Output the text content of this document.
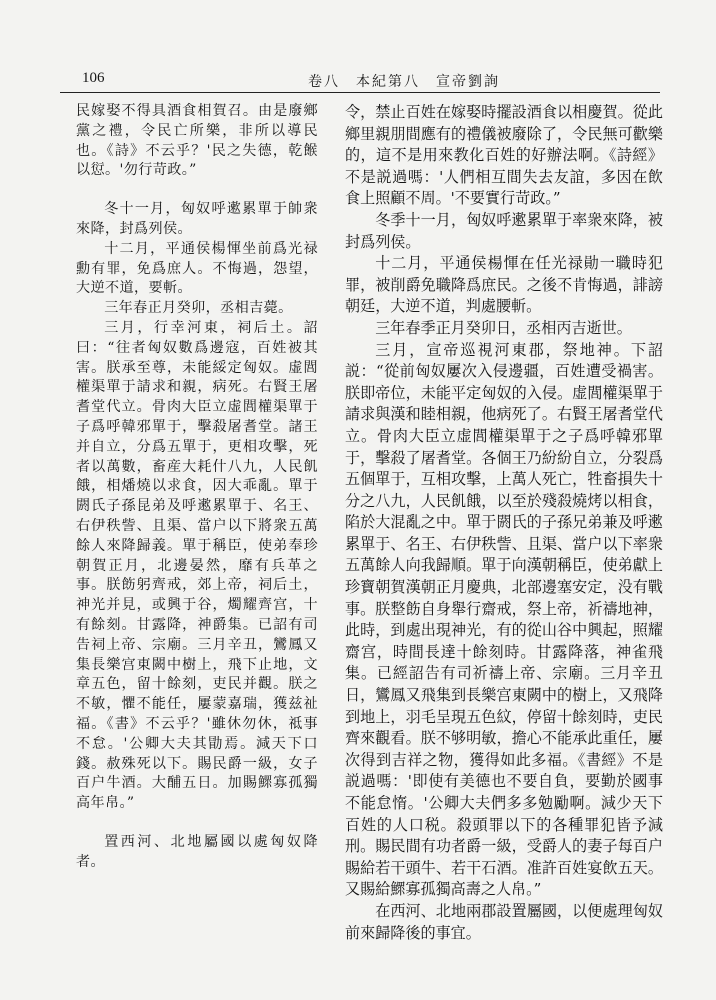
106	卷八　本紀第八　宣帝劉詢

民嫁娶不得具酒食相賀召。由是廢鄉黨之禮，令民亡所樂，非所以導民也。《詩》不云乎？'民之失德，乾餱以愆。'勿行苛政。”

冬十一月，匈奴呼遬累單于帥衆來降，封爲列侯。

十二月，平通侯楊惲坐前爲光禄勳有罪，免爲庶人。不悔過，怨望，大逆不道，要斬。

三年春正月癸卯，丞相吉薨。

三月，行幸河東，祠后土。詔曰：“往者匈奴數爲邊寇，百姓被其害。朕承至尊，未能綏定匈奴。虚閭權渠單于請求和親，病死。右賢王屠耆堂代立。骨肉大臣立虚閭權渠單于子爲呼韓邪單于，擊殺屠耆堂。諸王并自立，分爲五單于，更相攻擊，死者以萬數，畜産大耗什八九，人民飢餓，相燔燒以求食，因大乖亂。單于閼氏子孫昆弟及呼遬累單于、名王、右伊秩訾、且渠、當户以下將衆五萬餘人來降歸義。單于稱臣，使弟奉珍朝賀正月，北邊晏然，靡有兵革之事。朕飭躬齊戒，郊上帝，祠后土，神光并見，或興于谷，燭耀齊宫，十有餘刻。甘露降，神爵集。已詔有司告祠上帝、宗廟。三月辛丑，鸞鳳又集長樂宫東闕中樹上，飛下止地，文章五色，留十餘刻，吏民并觀。朕之不敏，懼不能任，屢蒙嘉瑞，獲兹祉福。《書》不云乎？'雖休勿休，祗事不怠。'公卿大夫其勖焉。減天下口錢。赦殊死以下。賜民爵一級，女子百户牛酒。大酺五日。加賜鰥寡孤獨高年帛。”

置西河、北地屬國以處匈奴降者。

令，禁止百姓在嫁娶時擺設酒食以相慶賀。從此鄉里親朋間應有的禮儀被廢除了，令民無可歡樂的，這不是用來教化百姓的好辦法啊。《詩經》不是説過嗎：'人們相互間失去友誼，多因在飲食上照顧不周。'不要實行苛政。”

冬季十一月，匈奴呼遬累單于率衆來降，被封爲列侯。

十二月，平通侯楊惲在任光禄勛一職時犯罪，被削爵免職降爲庶民。之後不肯悔過，誹謗朝廷，大逆不道，判處腰斬。

三年春季正月癸卯日，丞相丙吉逝世。

三月，宣帝巡視河東郡，祭地神。下詔説：“從前匈奴屢次入侵邊疆，百姓遭受禍害。朕即帝位，未能平定匈奴的入侵。虚閭權渠單于請求與漢和睦相親，他病死了。右賢王屠耆堂代立。骨肉大臣立虚閭權渠單于之子爲呼韓邪單于，擊殺了屠耆堂。各個王乃紛紛自立，分裂爲五個單于，互相攻擊，上萬人死亡，牲畜損失十分之八九，人民飢餓，以至於殘殺燒烤以相食，陷於大混亂之中。單于閼氏的子孫兄弟兼及呼遬累單于、名王、右伊秩訾、且渠、當户以下率衆五萬餘人向我歸順。單于向漢朝稱臣，使弟獻上珍寶朝賀漢朝正月慶典，北部邊塞安定，没有戰事。朕整飭自身舉行齋戒，祭上帝，祈禱地神，此時，到處出現神光，有的從山谷中興起，照耀齋宫，時間長達十餘刻時。甘露降落，神雀飛集。已經詔告有司祈禱上帝、宗廟。三月辛丑日，鸞鳳又飛集到長樂宫東闕中的樹上，又飛降到地上，羽毛呈現五色紋，停留十餘刻時，吏民齊來觀看。朕不够明敏，擔心不能承此重任，屢次得到吉祥之物，獲得如此多福。《書經》不是説過嗎：'即使有美德也不要自負，要勤於國事不能怠惰。'公卿大夫們多多勉勵啊。減少天下百姓的人口税。殺頭罪以下的各種罪犯皆予減刑。賜民間有功者爵一級，受爵人的妻子每百户賜給若干頭牛、若干石酒。准許百姓宴飲五天。又賜給鰥寡孤獨高壽之人帛。”

在西河、北地兩郡設置屬國，以便處理匈奴前來歸降後的事宜。
